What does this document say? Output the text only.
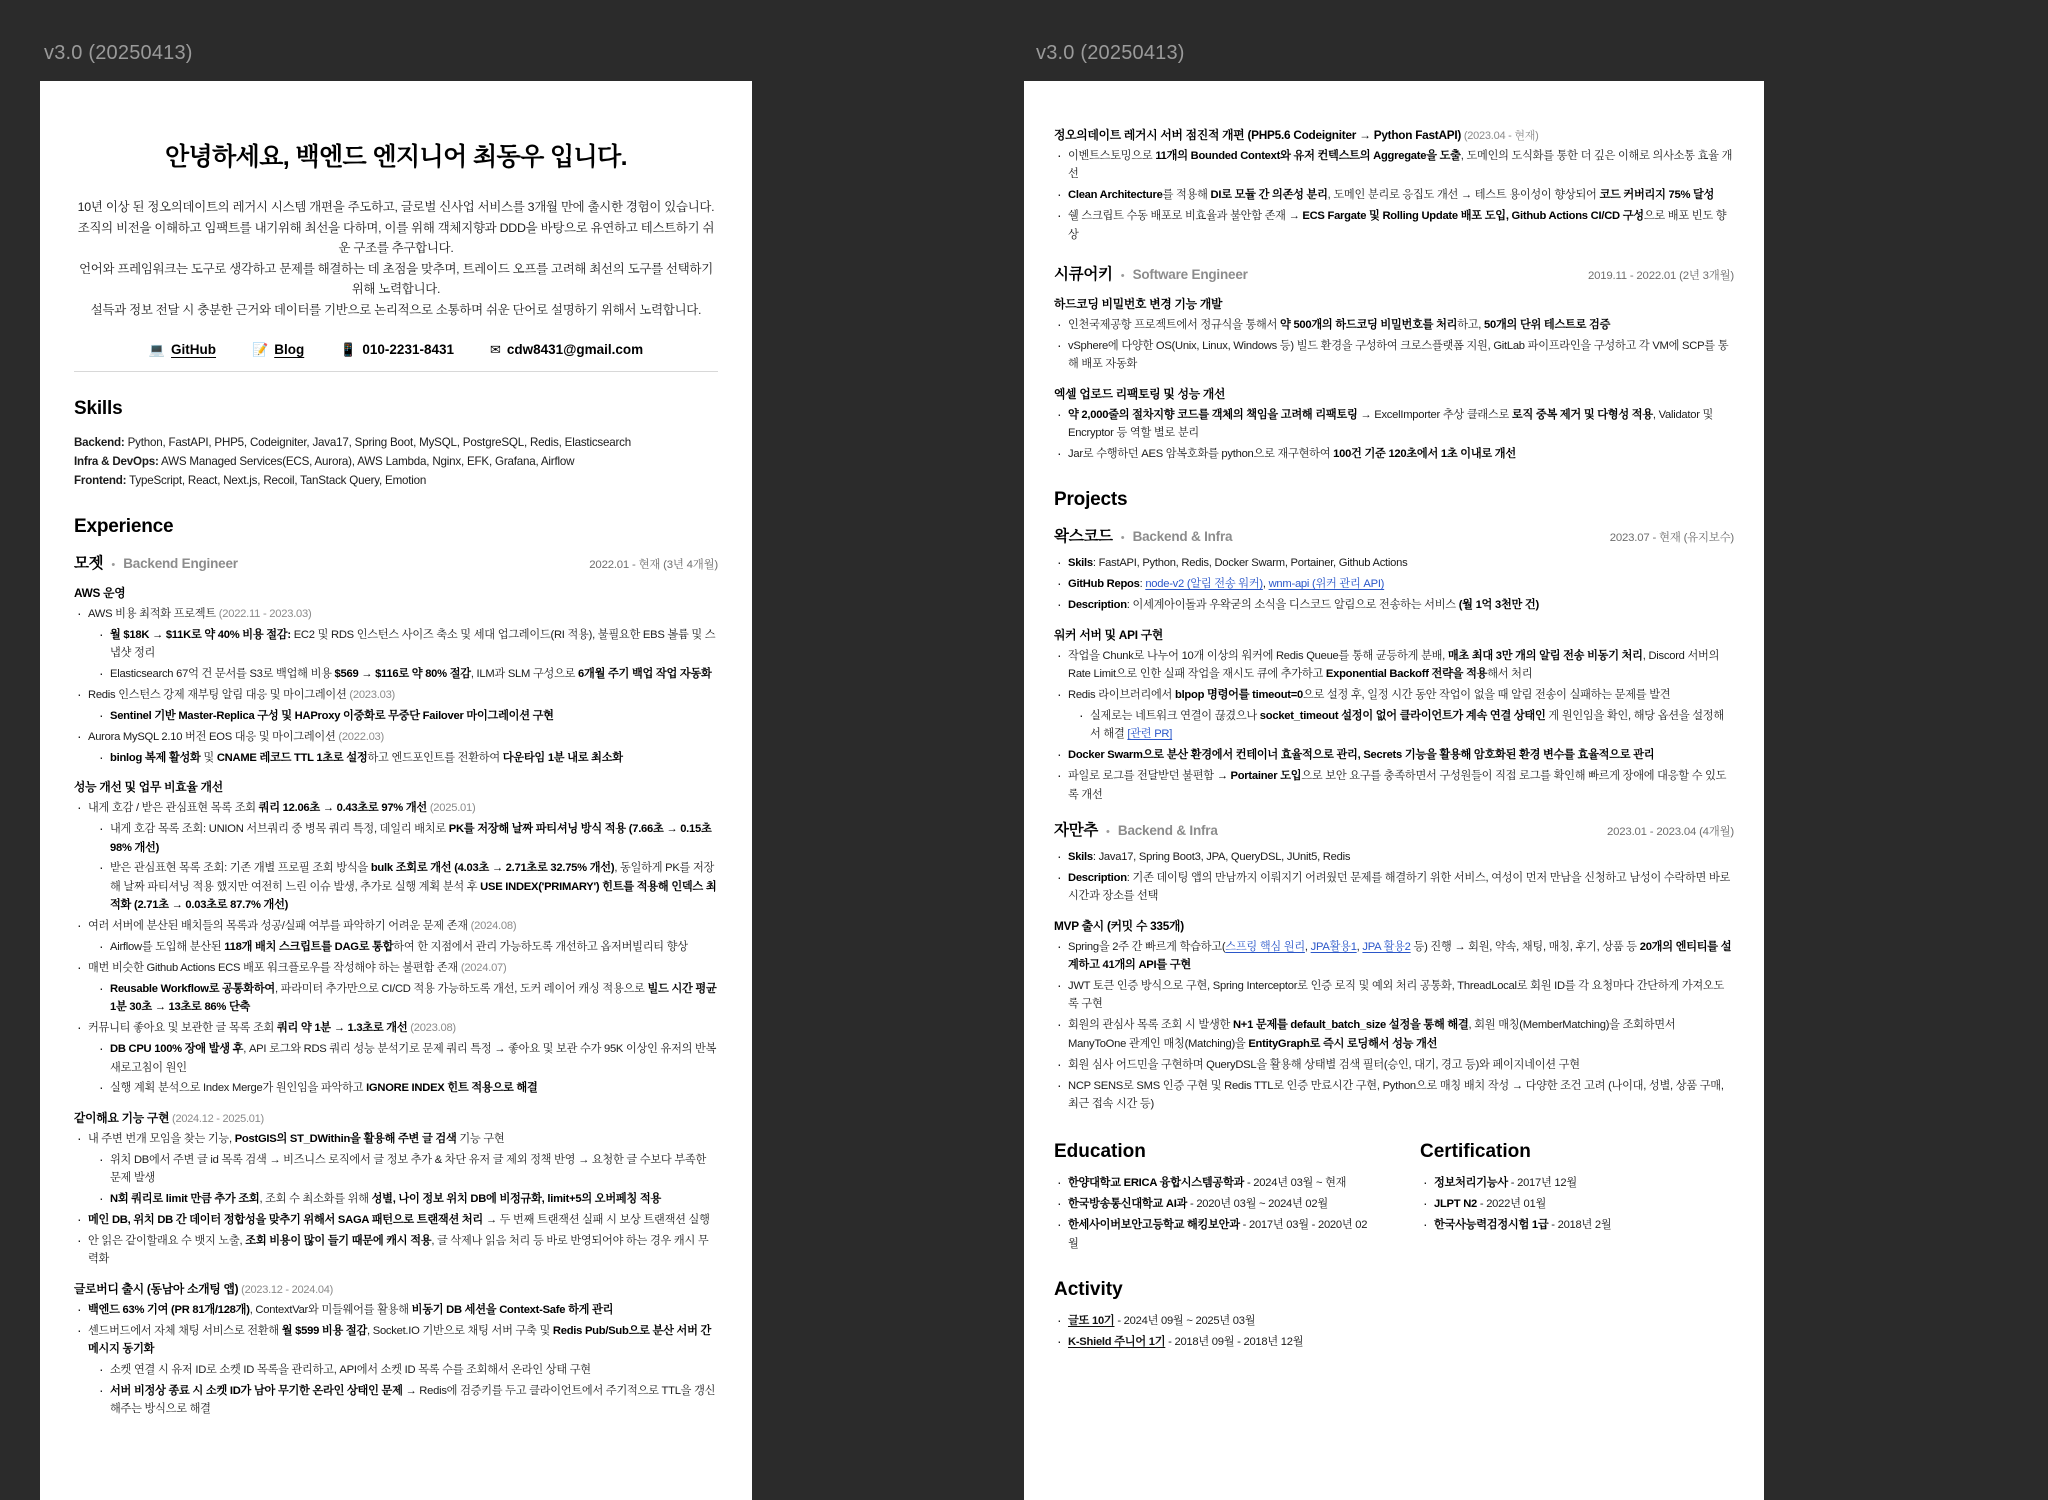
v3.0 (20250413)
안녕하세요, 백엔드 엔지니어 최동우 입니다.
10년 이상 된 정오의데이트의 레거시 시스템 개편을 주도하고, 글로벌 신사업 서비스를 3개월 만에 출시한 경험이 있습니다.
조직의 비전을 이해하고 임팩트를 내기위해 최선을 다하며, 이를 위해 객체지향과 DDD을 바탕으로 유연하고 테스트하기 쉬운 구조를 추구합니다.
언어와 프레임워크는 도구로 생각하고 문제를 해결하는 데 초점을 맞추며, 트레이드 오프를 고려해 최선의 도구를 선택하기 위해 노력합니다.
설득과 정보 전달 시 충분한 근거와 데이터를 기반으로 논리적으로 소통하며 쉬운 단어로 설명하기 위해서 노력합니다.
💻 GitHub	📝 Blog	📱 010-2231-8431	✉ cdw8431@gmail.com
Skills
Backend: Python, FastAPI, PHP5, Codeigniter, Java17, Spring Boot, MySQL, PostgreSQL, Redis, Elasticsearch
Infra & DevOps: AWS Managed Services(ECS, Aurora), AWS Lambda, Nginx, EFK, Grafana, Airflow
Frontend: TypeScript, React, Next.js, Recoil, TanStack Query, Emotion
Experience
모젯 • Backend Engineer	2022.01 - 현재 (3년 4개월)
AWS 운영
· AWS 비용 최적화 프로젝트 (2022.11 - 2023.03)
· 월 $18K → $11K로 약 40% 비용 절감: EC2 및 RDS 인스턴스 사이즈 축소 및 세대 업그레이드(RI 적용), 불필요한 EBS 볼륨 및 스냅샷 정리
· Elasticsearch 67억 건 문서를 S3로 백업해 비용 $569 → $116로 약 80% 절감, ILM과 SLM 구성으로 6개월 주기 백업 작업 자동화
· Redis 인스턴스 강제 재부팅 알림 대응 및 마이그레이션 (2023.03)
· Sentinel 기반 Master-Replica 구성 및 HAProxy 이중화로 무중단 Failover 마이그레이션 구현
· Aurora MySQL 2.10 버전 EOS 대응 및 마이그레이션 (2022.03)
· binlog 복제 활성화 및 CNAME 레코드 TTL 1초로 설정하고 엔드포인트를 전환하여 다운타임 1분 내로 최소화
성능 개선 및 업무 비효율 개선
· 내게 호감 / 받은 관심표현 목록 조회 쿼리 12.06초 → 0.43초로 97% 개선 (2025.01)
· 내게 호감 목록 조회: UNION 서브쿼리 중 병목 쿼리 특정, 데일리 배치로 PK를 저장해 날짜 파티셔닝 방식 적용 (7.66초 → 0.15초 98% 개선)
· 받은 관심표현 목록 조회: 기존 개별 프로필 조회 방식을 bulk 조회로 개선 (4.03초 → 2.71초로 32.75% 개선), 동일하게 PK를 저장해 날짜 파티셔닝 적용 했지만 여전히 느린 이슈 발생, 추가로 실행 계획 분석 후 USE INDEX('PRIMARY') 힌트를 적용해 인덱스 최적화 (2.71초 → 0.03초로 87.7% 개선)
· 여러 서버에 분산된 배치들의 목록과 성공/실패 여부를 파악하기 어려운 문제 존재 (2024.08)
· Airflow를 도입해 분산된 118개 배치 스크립트를 DAG로 통합하여 한 지점에서 관리 가능하도록 개선하고 옵저버빌리티 향상
· 매번 비슷한 Github Actions ECS 배포 워크플로우를 작성해야 하는 불편함 존재 (2024.07)
· Reusable Workflow로 공통화하여, 파라미터 추가만으로 CI/CD 적용 가능하도록 개선, 도커 레이어 캐싱 적용으로 빌드 시간 평균 1분 30초 → 13초로 86% 단축
· 커뮤니티 좋아요 및 보관한 글 목록 조회 쿼리 약 1분 → 1.3초로 개선 (2023.08)
· DB CPU 100% 장애 발생 후, API 로그와 RDS 쿼리 성능 분석기로 문제 쿼리 특정 → 좋아요 및 보관 수가 95K 이상인 유저의 반복 새로고침이 원인
· 실행 계획 분석으로 Index Merge가 원인임을 파악하고 IGNORE INDEX 힌트 적용으로 해결
같이해요 기능 구현 (2024.12 - 2025.01)
· 내 주변 번개 모임을 찾는 기능, PostGIS의 ST_DWithin을 활용해 주변 글 검색 기능 구현
· 위치 DB에서 주변 글 id 목록 검색 → 비즈니스 로직에서 글 정보 추가 & 차단 유저 글 제외 정책 반영 → 요청한 글 수보다 부족한 문제 발생
· N회 쿼리로 limit 만큼 추가 조회, 조회 수 최소화를 위해 성별, 나이 정보 위치 DB에 비정규화, limit+5의 오버페칭 적용
· 메인 DB, 위치 DB 간 데이터 정합성을 맞추기 위해서 SAGA 패턴으로 트랜잭션 처리 → 두 번째 트랜잭션 실패 시 보상 트랜잭션 실행
· 안 읽은 같이할래요 수 뱃지 노출, 조회 비용이 많이 들기 때문에 캐시 적용, 글 삭제나 읽음 처리 등 바로 반영되어야 하는 경우 캐시 무력화
글로버디 출시 (동남아 소개팅 앱) (2023.12 - 2024.04)
· 백엔드 63% 기여 (PR 81개/128개), ContextVar와 미들웨어를 활용해 비동기 DB 세션을 Context-Safe 하게 관리
· 센드버드에서 자체 채팅 서비스로 전환해 월 $599 비용 절감, Socket.IO 기반으로 채팅 서버 구축 및 Redis Pub/Sub으로 분산 서버 간 메시지 동기화
· 소켓 연결 시 유저 ID로 소켓 ID 목록을 관리하고, API에서 소켓 ID 목록 수를 조회해서 온라인 상태 구현
· 서버 비정상 종료 시 소켓 ID가 남아 무기한 온라인 상태인 문제 → Redis에 검증키를 두고 클라이언트에서 주기적으로 TTL을 갱신해주는 방식으로 해결
v3.0 (20250413)
정오의데이트 레거시 서버 점진적 개편 (PHP5.6 Codeigniter → Python FastAPI) (2023.04 - 현재)
· 이벤트스토밍으로 11개의 Bounded Context와 유저 컨텍스트의 Aggregate을 도출, 도메인의 도식화를 통한 더 깊은 이해로 의사소통 효율 개선
· Clean Architecture를 적용해 DI로 모듈 간 의존성 분리, 도메인 분리로 응집도 개선 → 테스트 용이성이 향상되어 코드 커버리지 75% 달성
· 쉘 스크립트 수동 배포로 비효율과 불안함 존재 → ECS Fargate 및 Rolling Update 배포 도입, Github Actions CI/CD 구성으로 배포 빈도 향상
시큐어키 • Software Engineer	2019.11 - 2022.01 (2년 3개월)
하드코딩 비밀번호 변경 기능 개발
· 인천국제공항 프로젝트에서 정규식을 통해서 약 500개의 하드코딩 비밀번호를 처리하고, 50개의 단위 테스트로 검증
· vSphere에 다양한 OS(Unix, Linux, Windows 등) 빌드 환경을 구성하여 크로스플랫폼 지원, GitLab 파이프라인을 구성하고 각 VM에 SCP를 통해 배포 자동화
엑셀 업로드 리팩토링 및 성능 개선
· 약 2,000줄의 절차지향 코드를 객체의 책임을 고려해 리팩토링 → ExcelImporter 추상 클래스로 로직 중복 제거 및 다형성 적용, Validator 및 Encryptor 등 역할 별로 분리
· Jar로 수행하던 AES 암복호화를 python으로 재구현하여 100건 기준 120초에서 1초 이내로 개선
Projects
왁스코드 • Backend & Infra	2023.07 - 현재 (유지보수)
· Skils: FastAPI, Python, Redis, Docker Swarm, Portainer, Github Actions
· GitHub Repos: node-v2 (알림 전송 워커), wnm-api (위커 관리 API)
· Description: 이세계아이돌과 우왁굳의 소식을 디스코드 알림으로 전송하는 서비스 (월 1억 3천만 건)
워커 서버 및 API 구현
· 작업을 Chunk로 나누어 10개 이상의 워커에 Redis Queue를 통해 균등하게 분배, 매초 최대 3만 개의 알림 전송 비동기 처리, Discord 서버의 Rate Limit으로 인한 실패 작업을 재시도 큐에 추가하고 Exponential Backoff 전략을 적용해서 처리
· Redis 라이브러리에서 blpop 명령어를 timeout=0으로 설정 후, 일정 시간 동안 작업이 없을 때 알림 전송이 실패하는 문제를 발견
· 실제로는 네트워크 연결이 끊겼으나 socket_timeout 설정이 없어 클라이언트가 계속 연결 상태인 게 원인임을 확인, 해당 옵션을 설정해서 해결 [관련 PR]
· Docker Swarm으로 분산 환경에서 컨테이너 효율적으로 관리, Secrets 기능을 활용해 암호화된 환경 변수를 효율적으로 관리
· 파일로 로그를 전달받던 불편함 → Portainer 도입으로 보안 요구를 충족하면서 구성원들이 직접 로그를 확인해 빠르게 장애에 대응할 수 있도록 개선
자만추 • Backend & Infra	2023.01 - 2023.04 (4개월)
· Skils: Java17, Spring Boot3, JPA, QueryDSL, JUnit5, Redis
· Description: 기존 데이팅 앱의 만남까지 이뤄지기 어려웠던 문제를 해결하기 위한 서비스, 여성이 먼저 만남을 신청하고 남성이 수락하면 바로 시간과 장소를 선택
MVP 출시 (커밋 수 335개)
· Spring을 2주 간 빠르게 학습하고(스프링 핵심 원리, JPA활용1, JPA 활용2 등) 진행 → 회원, 약속, 채팅, 매칭, 후기, 상품 등 20개의 엔티티를 설계하고 41개의 API를 구현
· JWT 토큰 인증 방식으로 구현, Spring Interceptor로 인증 로직 및 예외 처리 공통화, ThreadLocal로 회원 ID를 각 요청마다 간단하게 가져오도록 구현
· 회원의 관심사 목록 조회 시 발생한 N+1 문제를 default_batch_size 설정을 통해 해결, 회원 매칭(MemberMatching)을 조회하면서 ManyToOne 관계인 매칭(Matching)을 EntityGraph로 즉시 로딩해서 성능 개선
· 회원 심사 어드민을 구현하며 QueryDSL을 활용해 상태별 검색 필터(승인, 대기, 경고 등)와 페이지네이션 구현
· NCP SENS로 SMS 인증 구현 및 Redis TTL로 인증 만료시간 구현, Python으로 매칭 배치 작성 → 다양한 조건 고려 (나이대, 성별, 상품 구매, 최근 접속 시간 등)
Education
· 한양대학교 ERICA 융합시스템공학과 - 2024년 03월 ~ 현재
· 한국방송통신대학교 AI과 - 2020년 03월 ~ 2024년 02월
· 한세사이버보안고등학교 해킹보안과 - 2017년 03월 - 2020년 02월
Certification
· 정보처리기능사 - 2017년 12월
· JLPT N2 - 2022년 01월
· 한국사능력검정시험 1급 - 2018년 2월
Activity
· 글또 10기 - 2024년 09월 ~ 2025년 03월
· K-Shield 주니어 1기 - 2018년 09월 - 2018년 12월
